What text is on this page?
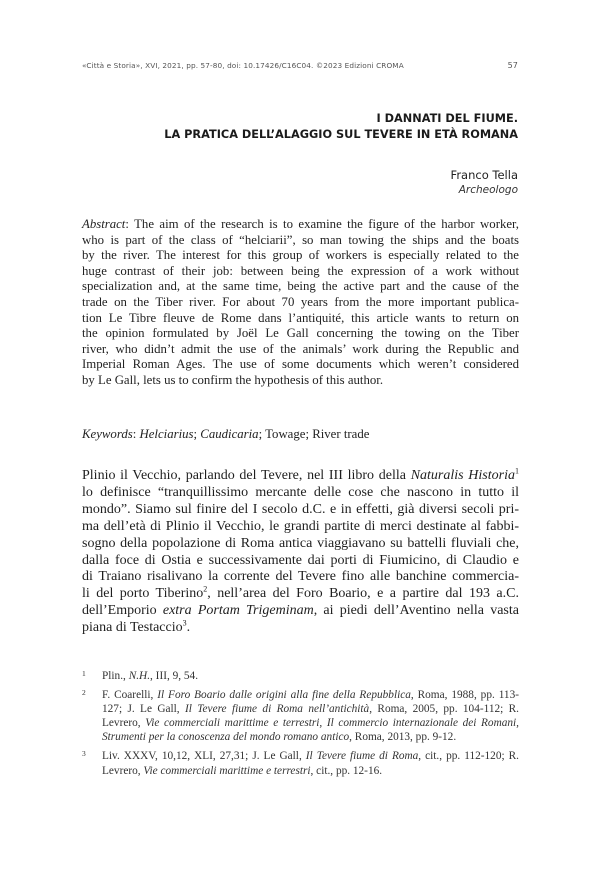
«Città e Storia», XVI, 2021, pp. 57-80, doi: 10.17426/C16C04. ©2023 Edizioni CROMA	57
I DANNATI DEL FIUME.
LA PRATICA DELL’ALAGGIO SUL TEVERE IN ETÀ ROMANA
Franco Tella
Archeologo
Abstract: The aim of the research is to examine the figure of the harbor worker,
who is part of the class of “helciarii”, so man towing the ships and the boats
by the river. The interest for this group of workers is especially related to the
huge contrast of their job: between being the expression of a work without
specialization and, at the same time, being the active part and the cause of the
trade on the Tiber river. For about 70 years from the more important publica-
tion Le Tibre fleuve de Rome dans l’antiquité, this article wants to return on
the opinion formulated by Joël Le Gall concerning the towing on the Tiber
river, who didn’t admit the use of the animals’ work during the Republic and
Imperial Roman Ages. The use of some documents which weren’t considered
by Le Gall, lets us to confirm the hypothesis of this author.
Keywords: Helciarius; Caudicaria; Towage; River trade
Plinio il Vecchio, parlando del Tevere, nel III libro della Naturalis Historia$^1$
lo definisce “tranquillissimo mercante delle cose che nascono in tutto il
mondo”. Siamo sul finire del I secolo d.C. e in effetti, già diversi secoli pri-
ma dell’età di Plinio il Vecchio, le grandi partite di merci destinate al fabbi-
sogno della popolazione di Roma antica viaggiavano su battelli fluviali che,
dalla foce di Ostia e successivamente dai porti di Fiumicino, di Claudio e
di Traiano risalivano la corrente del Tevere fino alle banchine commercia-
li del porto Tiberino$^2$, nell’area del Foro Boario, e a partire dal 193 a.C.
dell’Emporio extra Portam Trigeminam, ai piedi dell’Aventino nella vasta
piana di Testaccio$^3$.
1 Plin., N.H., III, 9, 54.
2 F. Coarelli, Il Foro Boario dalle origini alla fine della Repubblica, Roma, 1988, pp. 113-
127; J. Le Gall, Il Tevere fiume di Roma nell’antichità, Roma, 2005, pp. 104-112; R.
Levrero, Vie commerciali marittime e terrestri, Il commercio internazionale dei Romani,
Strumenti per la conoscenza del mondo romano antico, Roma, 2013, pp. 9-12.
3 Liv. XXXV, 10,12, XLI, 27,31; J. Le Gall, Il Tevere fiume di Roma, cit., pp. 112-120; R.
Levrero, Vie commerciali marittime e terrestri, cit., pp. 12-16.
